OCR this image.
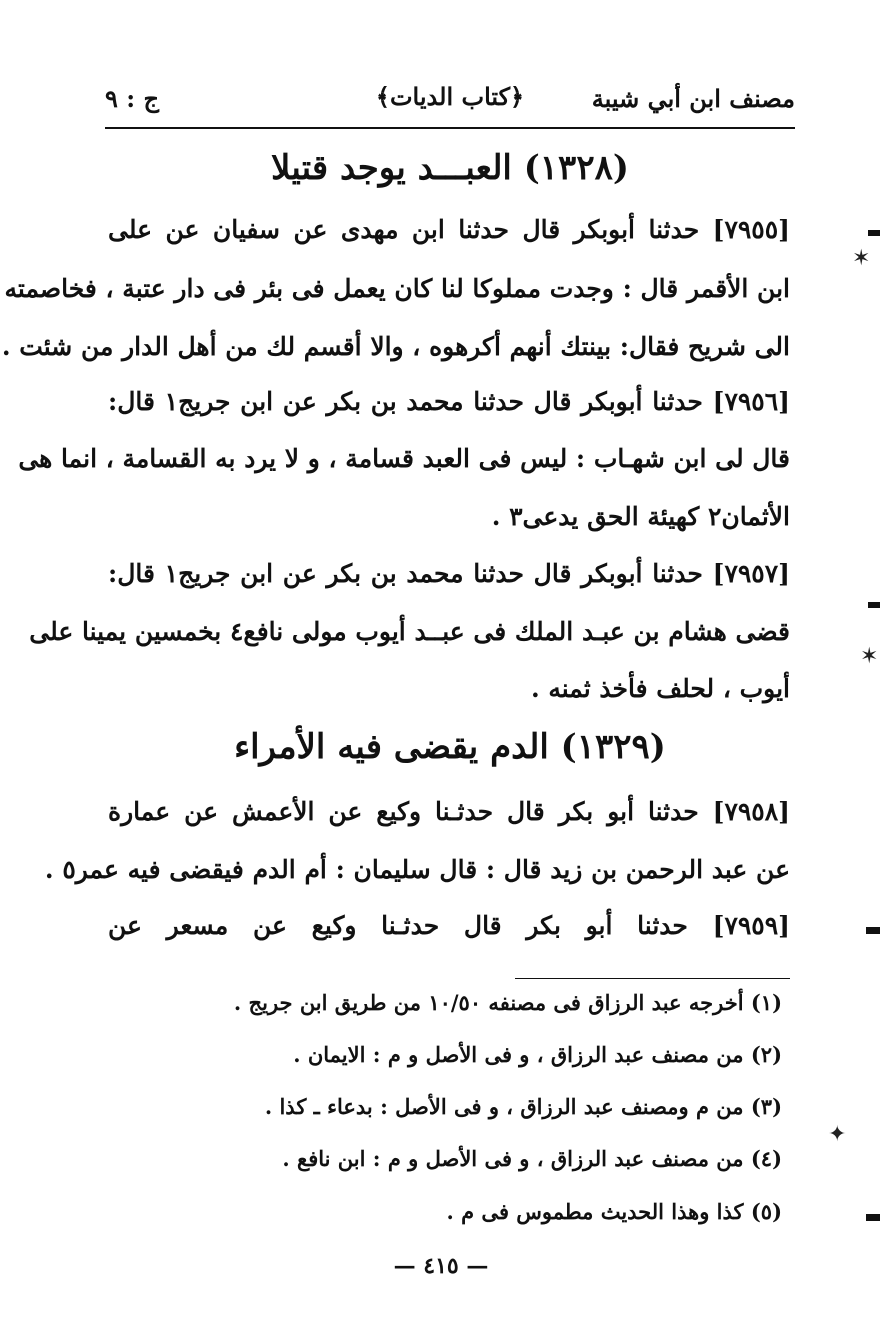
مصنف ابن أبي شيبة
﴿كتاب الديات﴾
ج : ٩
(١٣٢٨) العبـــد يوجد قتيلا
[٧٩٥٥] حدثنا أبوبكر قال حدثنا ابن مهدى عن سفيان عن على
ابن الأقمر قال : وجدت مملوكا لنا كان يعمل فى بئر فى دار عتبة ، فخاصمته
الى شريح فقال: بينتك أنهم أكرهوه ، والا أقسم لك من أهل الدار من شئت .
[٧٩٥٦] حدثنا أبوبكر قال حدثنا محمد بن بكر عن ابن جريج١ قال:
قال لى ابن شهـاب : ليس فى العبد قسامة ، و لا يرد به القسامة ، انما هى
الأثمان٢ كهيئة الحق يدعى٣ .
[٧٩٥٧] حدثنا أبوبكر قال حدثنا محمد بن بكر عن ابن جريج١ قال:
قضى هشام بن عبـد الملك فى عبــد أيوب مولى نافع٤ بخمسين يمينا على
أيوب ، لحلف فأخذ ثمنه .
(١٣٢٩) الدم يقضى فيه الأمراء
[٧٩٥٨] حدثنا أبو بكر قال حدثـنا وكيع عن الأعمش عن عمارة
عن عبد الرحمن بن زيد قال : قال سليمان : أم الدم فيقضى فيه عمر٥ .
[٧٩٥٩] حدثنا أبو بكر قال حدثـنا وكيع عن مسعر عن
(١) أخرجه عبد الرزاق فى مصنفه ١٠/٥٠ من طريق ابن جريج .
(٢) من مصنف عبد الرزاق ، و فى الأصل و م : الايمان .
(٣) من م ومصنف عبد الرزاق ، و فى الأصل : بدعاء ـ كذا .
(٤) من مصنف عبد الرزاق ، و فى الأصل و م : ابن نافع .
(٥) كذا وهذا الحديث مطموس فى م .
— ٤١٥ —
✶
✶
✦
